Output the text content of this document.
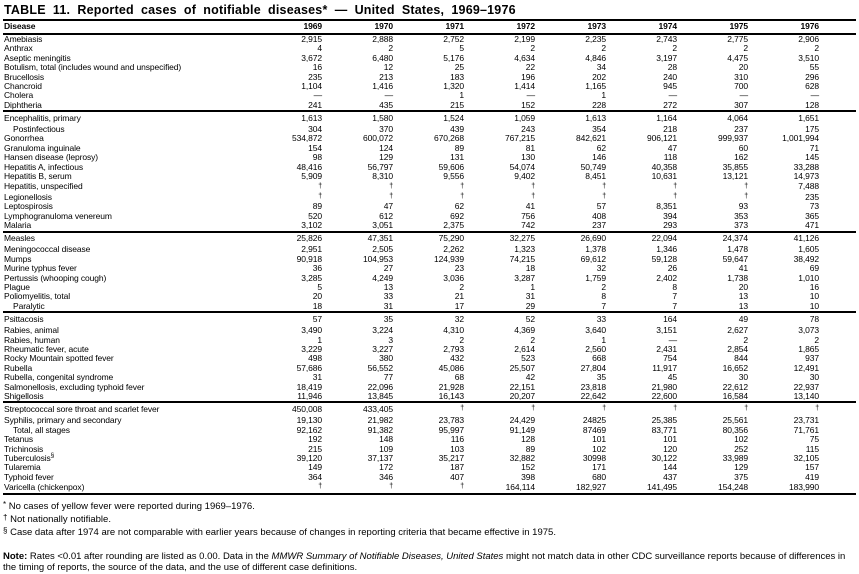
TABLE 11. Reported cases of notifiable diseases* — United States, 1969–1976
Disease	1969	1970	1971	1972	1973	1974	1975	1976	
Amebiasis	2,915	2,888	2,752	2,199	2,235	2,743	2,775	2,906	
Anthrax	4	2	5	2	2	2	2	2	
Aseptic meningitis	3,672	6,480	5,176	4,634	4,846	3,197	4,475	3,510	
Botulism, total (includes wound and unspecified)	16	12	25	22	34	28	20	55	
Brucellosis	235	213	183	196	202	240	310	296	
Chancroid	1,104	1,416	1,320	1,414	1,165	945	700	628	
Cholera	—	—	1	—	1	—	—	—	
Diphtheria	241	435	215	152	228	272	307	128	
Encephalitis, primary	1,613	1,580	1,524	1,059	1,613	1,164	4,064	1,651	
Postinfectious	304	370	439	243	354	218	237	175	
Gonorrhea	534,872	600,072	670,268	767,215	842,621	906,121	999,937	1,001,994	
Granuloma inguinale	154	124	89	81	62	47	60	71	
Hansen disease (leprosy)	98	129	131	130	146	118	162	145	
Hepatitis A, infectious	48,416	56,797	59,606	54,074	50,749	40,358	35,855	33,288	
Hepatitis B, serum	5,909	8,310	9,556	9,402	8,451	10,631	13,121	14,973	
Hepatitis, unspecified	†	†	†	†	†	†	†	7,488	
Legionellosis	†	†	†	†	†	†	†	235	
Leptospirosis	89	47	62	41	57	8,351	93	73	
Lymphogranuloma venereum	520	612	692	756	408	394	353	365	
Malaria	3,102	3,051	2,375	742	237	293	373	471	
Measles	25,826	47,351	75,290	32,275	26,690	22,094	24,374	41,126	
Meningococcal disease	2,951	2,505	2,262	1,323	1,378	1,346	1,478	1,605	
Mumps	90,918	104,953	124,939	74,215	69,612	59,128	59,647	38,492	
Murine typhus fever	36	27	23	18	32	26	41	69	
Pertussis (whooping cough)	3,285	4,249	3,036	3,287	1,759	2,402	1,738	1,010	
Plague	5	13	2	1	2	8	20	16	
Poliomyelitis, total	20	33	21	31	8	7	13	10	
Paralytic	18	31	17	29	7	7	13	10	
Psittacosis	57	35	32	52	33	164	49	78	
Rabies, animal	3,490	3,224	4,310	4,369	3,640	3,151	2,627	3,073	
Rabies, human	1	3	2	2	1	—	2	2	
Rheumatic fever, acute	3,229	3,227	2,793	2,614	2,560	2,431	2,854	1,865	
Rocky Mountain spotted fever	498	380	432	523	668	754	844	937	
Rubella	57,686	56,552	45,086	25,507	27,804	11,917	16,652	12,491	
Rubella, congenital syndrome	31	77	68	42	35	45	30	30	
Salmonellosis, excluding typhoid fever	18,419	22,096	21,928	22,151	23,818	21,980	22,612	22,937	
Shigellosis	11,946	13,845	16,143	20,207	22,642	22,600	16,584	13,140	
Streptococcal sore throat and scarlet fever	450,008	433,405	†	†	†	†	†	†	
Syphilis, primary and secondary	19,130	21,982	23,783	24,429	24825	25,385	25,561	23,731	
Total, all stages	92,162	91,382	95,997	91,149	87469	83,771	80,356	71,761	
Tetanus	192	148	116	128	101	101	102	75	
Trichinosis	215	109	103	89	102	120	252	115	
Tuberculosis§	39,120	37,137	35,217	32,882	30998	30,122	33,989	32,105	
Tularemia	149	172	187	152	171	144	129	157	
Typhoid fever	364	346	407	398	680	437	375	419	
Varicella (chickenpox)	†	†	†	164,114	182,927	141,495	154,248	183,990	
* No cases of yellow fever were reported during 1969–1976.
† Not nationally notifiable.
§ Case data after 1974 are not comparable with earlier years because of changes in reporting criteria that became effective in 1975.

Note: Rates <0.01 after rounding are listed as 0.00. Data in the MMWR Summary of Notifiable Diseases, United States might not match data in other CDC surveillance reports because of differences in the timing of reports, the source of the data, and the use of different case definitions.
